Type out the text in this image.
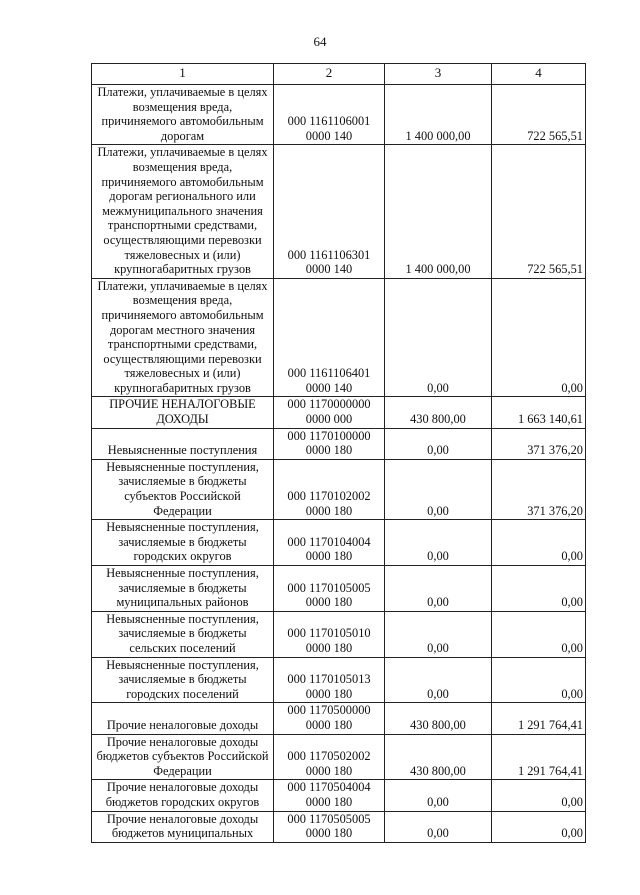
64
1	2	3	4
Платежи, уплачиваемые в целях возмещения вреда, причиняемого автомобильным дорогам	000 1161106001 0000 140	1 400 000,00	722 565,51
Платежи, уплачиваемые в целях возмещения вреда, причиняемого автомобильным дорогам регионального или межмуниципального значения транспортными средствами, осуществляющими перевозки тяжеловесных и (или) крупногабаритных грузов	000 1161106301 0000 140	1 400 000,00	722 565,51
Платежи, уплачиваемые в целях возмещения вреда, причиняемого автомобильным дорогам местного значения транспортными средствами, осуществляющими перевозки тяжеловесных и (или) крупногабаритных грузов	000 1161106401 0000 140	0,00	0,00
ПРОЧИЕ НЕНАЛОГОВЫЕ ДОХОДЫ	000 1170000000 0000 000	430 800,00	1 663 140,61
Невыясненные поступления	000 1170100000 0000 180	0,00	371 376,20
Невыясненные поступления, зачисляемые в бюджеты субъектов Российской Федерации	000 1170102002 0000 180	0,00	371 376,20
Невыясненные поступления, зачисляемые в бюджеты городских округов	000 1170104004 0000 180	0,00	0,00
Невыясненные поступления, зачисляемые в бюджеты муниципальных районов	000 1170105005 0000 180	0,00	0,00
Невыясненные поступления, зачисляемые в бюджеты сельских поселений	000 1170105010 0000 180	0,00	0,00
Невыясненные поступления, зачисляемые в бюджеты городских поселений	000 1170105013 0000 180	0,00	0,00
Прочие неналоговые доходы	000 1170500000 0000 180	430 800,00	1 291 764,41
Прочие неналоговые доходы бюджетов субъектов Российской Федерации	000 1170502002 0000 180	430 800,00	1 291 764,41
Прочие неналоговые доходы бюджетов городских округов	000 1170504004 0000 180	0,00	0,00
Прочие неналоговые доходы бюджетов муниципальных	000 1170505005 0000 180	0,00	0,00
